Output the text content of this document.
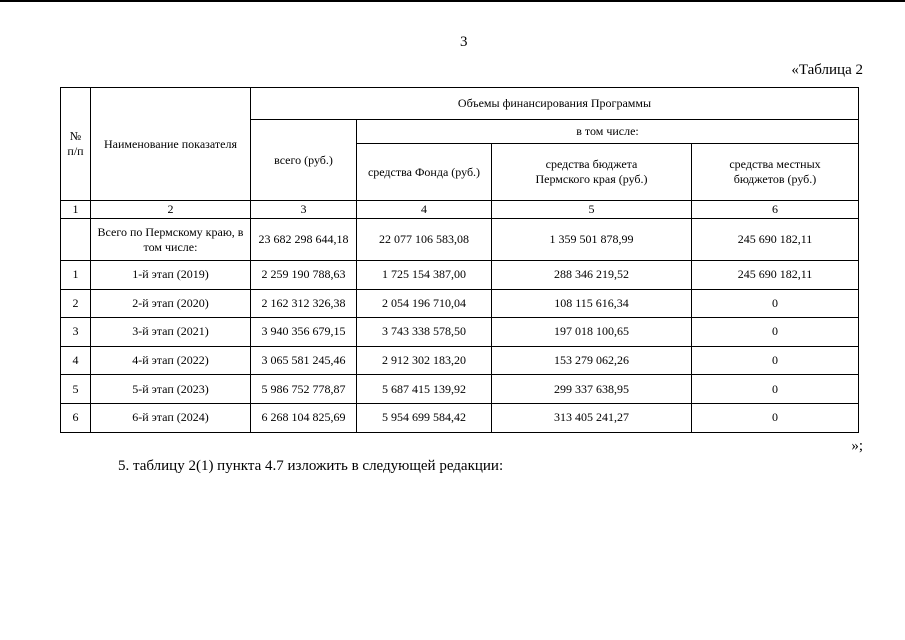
3
«Таблица 2
№ п/п	Наименование показателя	Объемы финансирования Программы			
		всего (руб.)	в том числе:		
			средства Фонда (руб.)	средства бюджета Пермского края (руб.)	средства местных бюджетов (руб.)
1	2	3	4	5	6
	Всего по Пермскому краю, в том числе:	23 682 298 644,18	22 077 106 583,08	1 359 501 878,99	245 690 182,11
1	1-й этап (2019)	2 259 190 788,63	1 725 154 387,00	288 346 219,52	245 690 182,11
2	2-й этап (2020)	2 162 312 326,38	2 054 196 710,04	108 115 616,34	0
3	3-й этап (2021)	3 940 356 679,15	3 743 338 578,50	197 018 100,65	0
4	4-й этап (2022)	3 065 581 245,46	2 912 302 183,20	153 279 062,26	0
5	5-й этап (2023)	5 986 752 778,87	5 687 415 139,92	299 337 638,95	0
6	6-й этап (2024)	6 268 104 825,69	5 954 699 584,42	313 405 241,27	0
»;
5. таблицу 2(1) пункта 4.7 изложить в следующей редакции:
